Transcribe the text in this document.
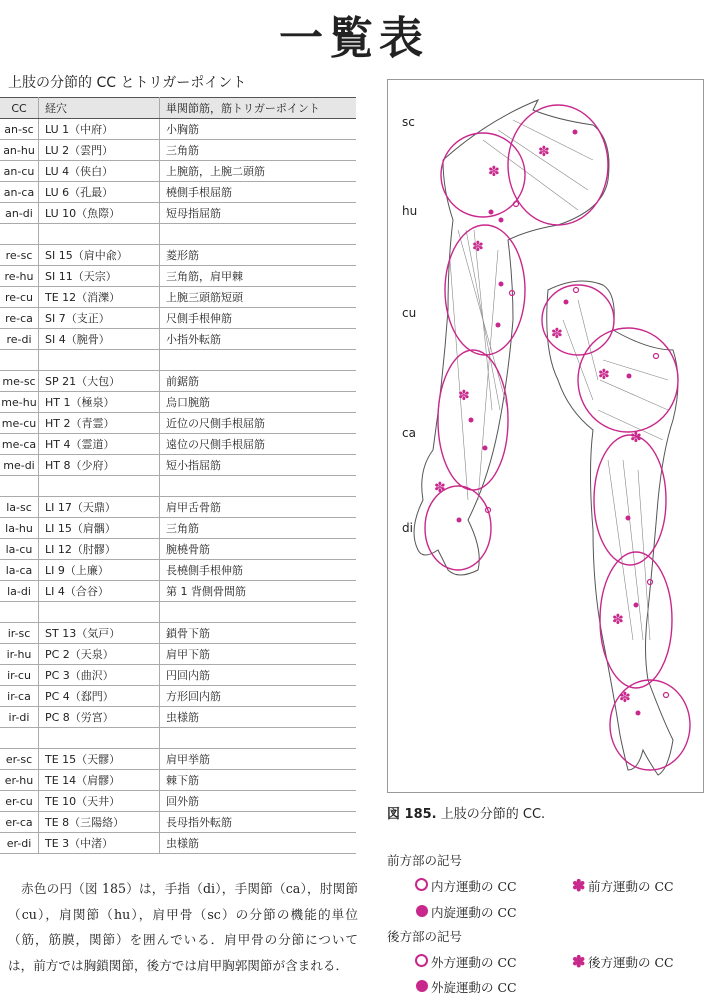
一覧表
上肢の分節的 CC とトリガーポイント
CC	経穴	単関節筋，筋トリガーポイント
an-sc	LU 1（中府）	小胸筋
an-hu	LU 2（雲門）	三角筋
an-cu	LU 4（侠白）	上腕筋，上腕二頭筋
an-ca	LU 6（孔最）	橈側手根屈筋
an-di	LU 10（魚際）	短母指屈筋

re-sc	SI 15（肩中兪）	菱形筋
re-hu	SI 11（天宗）	三角筋，肩甲棘
re-cu	TE 12（消濼）	上腕三頭筋短頭
re-ca	SI 7（支正）	尺側手根伸筋
re-di	SI 4（腕骨）	小指外転筋

me-sc	SP 21（大包）	前鋸筋
me-hu	HT 1（極泉）	烏口腕筋
me-cu	HT 2（青霊）	近位の尺側手根屈筋
me-ca	HT 4（霊道）	遠位の尺側手根屈筋
me-di	HT 8（少府）	短小指屈筋

la-sc	LI 17（天鼎）	肩甲舌骨筋
la-hu	LI 15（肩髃）	三角筋
la-cu	LI 12（肘髎）	腕橈骨筋
la-ca	LI 9（上廉）	長橈側手根伸筋
la-di	LI 4（合谷）	第 1 背側骨間筋

ir-sc	ST 13（気戸）	鎖骨下筋
ir-hu	PC 2（天泉）	肩甲下筋
ir-cu	PC 3（曲沢）	円回内筋
ir-ca	PC 4（郄門）	方形回内筋
ir-di	PC 8（労宮）	虫様筋

er-sc	TE 15（天髎）	肩甲挙筋
er-hu	TE 14（肩髎）	棘下筋
er-cu	TE 10（天井）	回外筋
er-ca	TE 8（三陽絡）	長母指外転筋
er-di	TE 3（中渚）	虫様筋
✽
✽
✽
✽
✽
✽
✽
✽
✽
✽
sc
hu
cu
ca
di
図 185. 上肢の分節的 CC.
赤色の円（図 185）は，手指（di），手関節（ca），肘関節（cu），肩関節（hu），肩甲骨（sc）の分節の機能的単位（筋，筋膜，関節）を囲んでいる．肩甲骨の分節については，前方では胸鎖関節，後方では肩甲胸郭関節が含まれる．
前方部の記号
内方運動の CC	✽ 前方運動の CC
内旋運動の CC
後方部の記号
外方運動の CC	✽ 後方運動の CC
外旋運動の CC
